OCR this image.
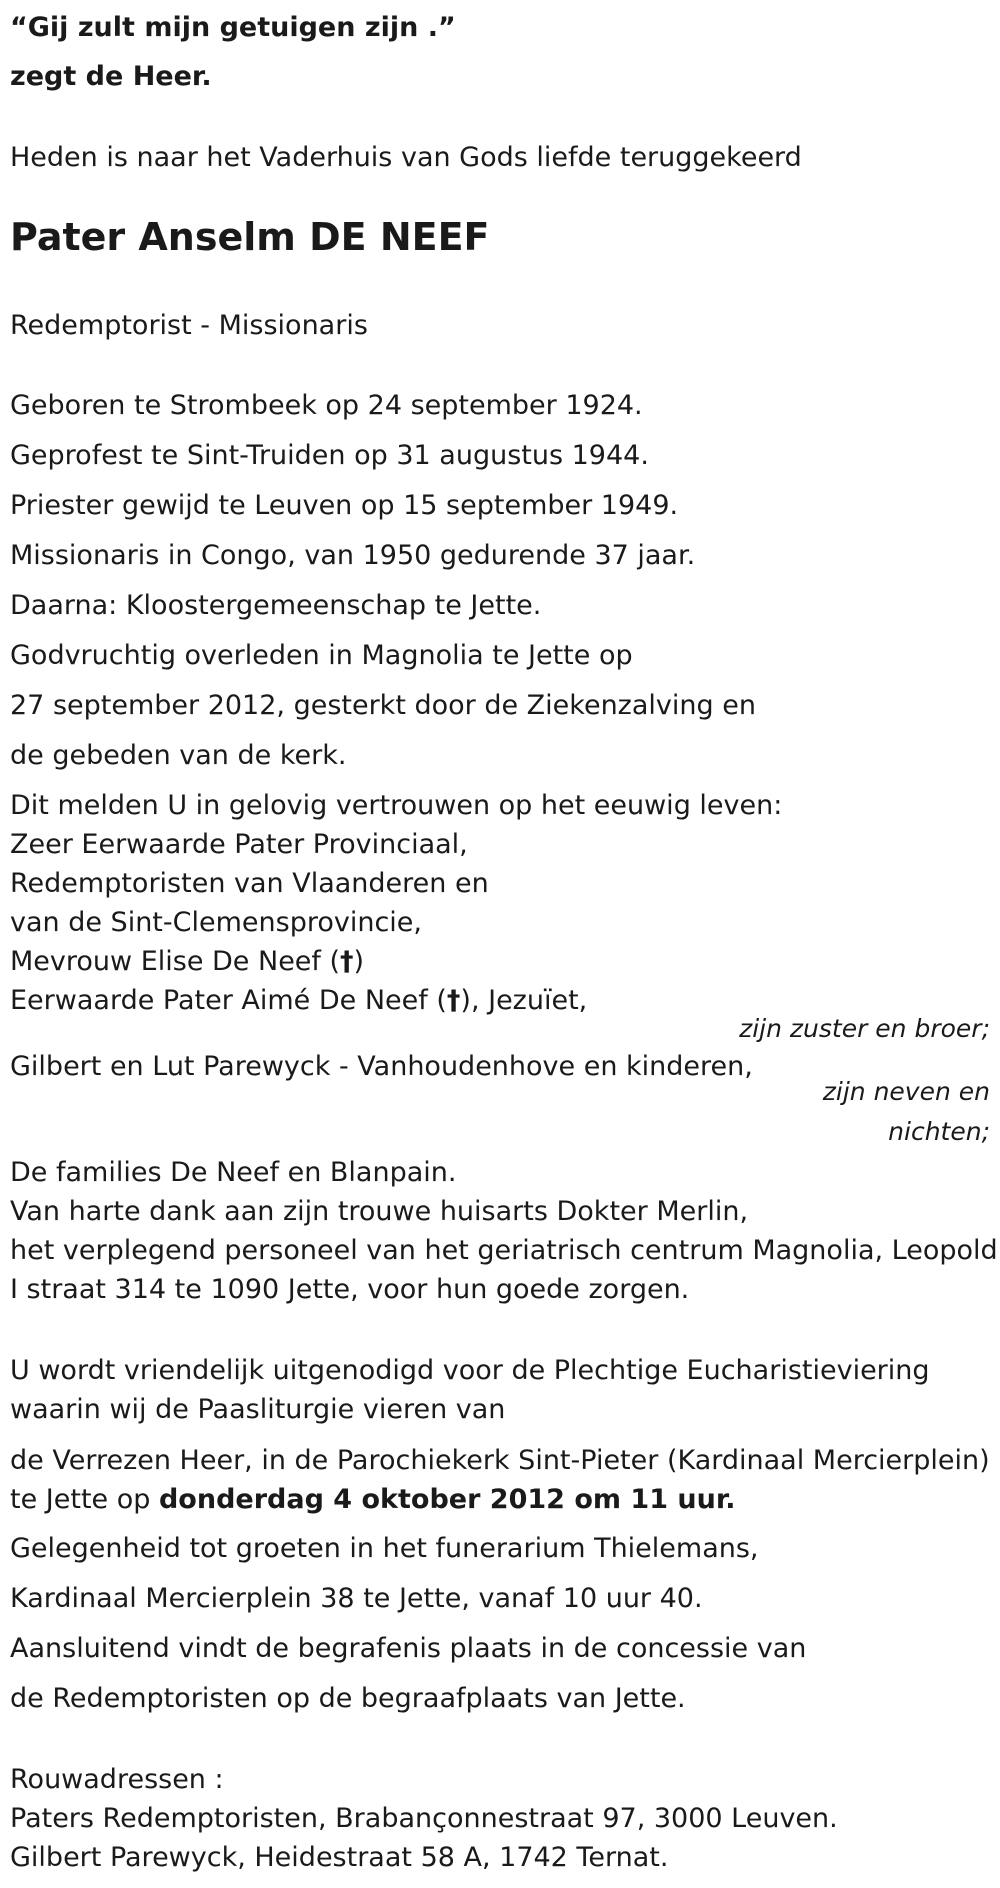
“Gij zult mijn getuigen zijn .”

zegt de Heer.

Heden is naar het Vaderhuis van Gods liefde teruggekeerd

Pater Anselm DE NEEF

Redemptorist - Missionaris

Geboren te Strombeek op 24 september 1924.

Geprofest te Sint-Truiden op 31 augustus 1944.

Priester gewijd te Leuven op 15 september 1949.

Missionaris in Congo, van 1950 gedurende 37 jaar.

Daarna: Kloostergemeenschap te Jette.

Godvruchtig overleden in Magnolia te Jette op

27 september 2012, gesterkt door de Ziekenzalving en

de gebeden van de kerk.

Dit melden U in gelovig vertrouwen op het eeuwig leven:

Zeer Eerwaarde Pater Provinciaal,

Redemptoristen van Vlaanderen en

van de Sint-Clemensprovincie,

Mevrouw Elise De Neef (†)

Eerwaarde Pater Aimé De Neef (†), Jezuïet,

zijn zuster en broer;

Gilbert en Lut Parewyck - Vanhoudenhove en kinderen,

zijn neven en

nichten;

De families De Neef en Blanpain.

Van harte dank aan zijn trouwe huisarts Dokter Merlin,

het verplegend personeel van het geriatrisch centrum Magnolia, Leopold

I straat 314 te 1090 Jette, voor hun goede zorgen.

U wordt vriendelijk uitgenodigd voor de Plechtige Eucharistieviering

waarin wij de Paasliturgie vieren van

de Verrezen Heer, in de Parochiekerk Sint-Pieter (Kardinaal Mercierplein)

te Jette op donderdag 4 oktober 2012 om 11 uur.

Gelegenheid tot groeten in het funerarium Thielemans,

Kardinaal Mercierplein 38 te Jette, vanaf 10 uur 40.

Aansluitend vindt de begrafenis plaats in de concessie van

de Redemptoristen op de begraafplaats van Jette.

Rouwadressen :

Paters Redemptoristen, Brabançonnestraat 97, 3000 Leuven.

Gilbert Parewyck, Heidestraat 58 A, 1742 Ternat.
